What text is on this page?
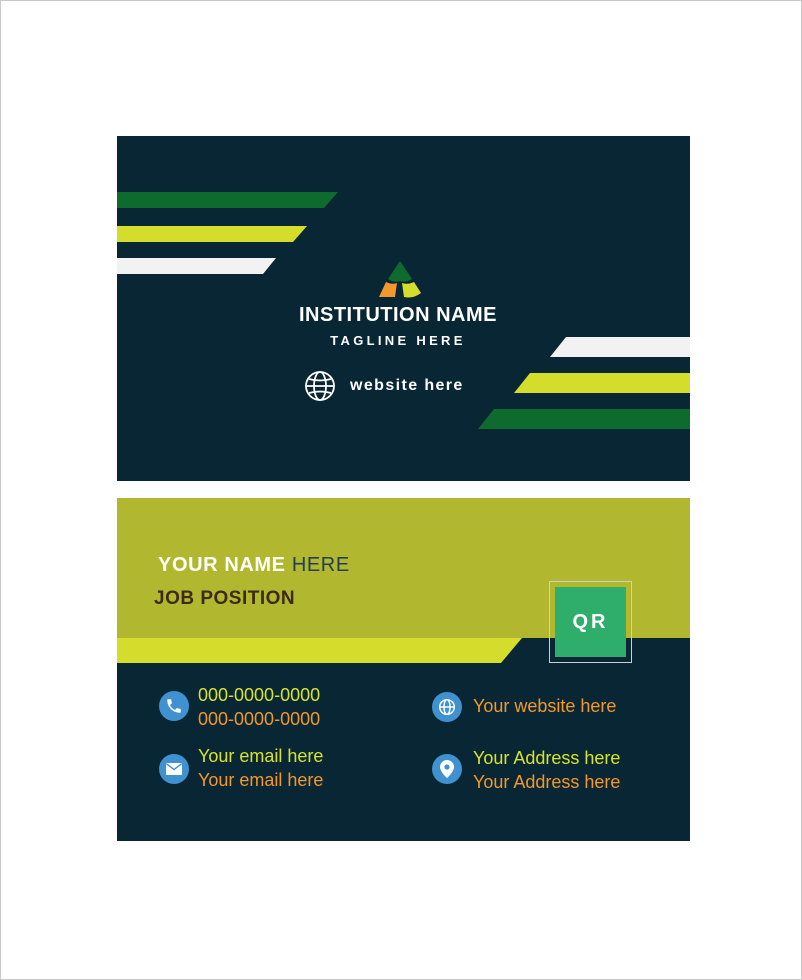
INSTITUTION NAME
TAGLINE HERE
website here
YOUR NAME HERE
JOB POSITION
QR
000-0000-0000
000-0000-0000
Your email here
Your email here
Your website here
Your Address here
Your Address here
